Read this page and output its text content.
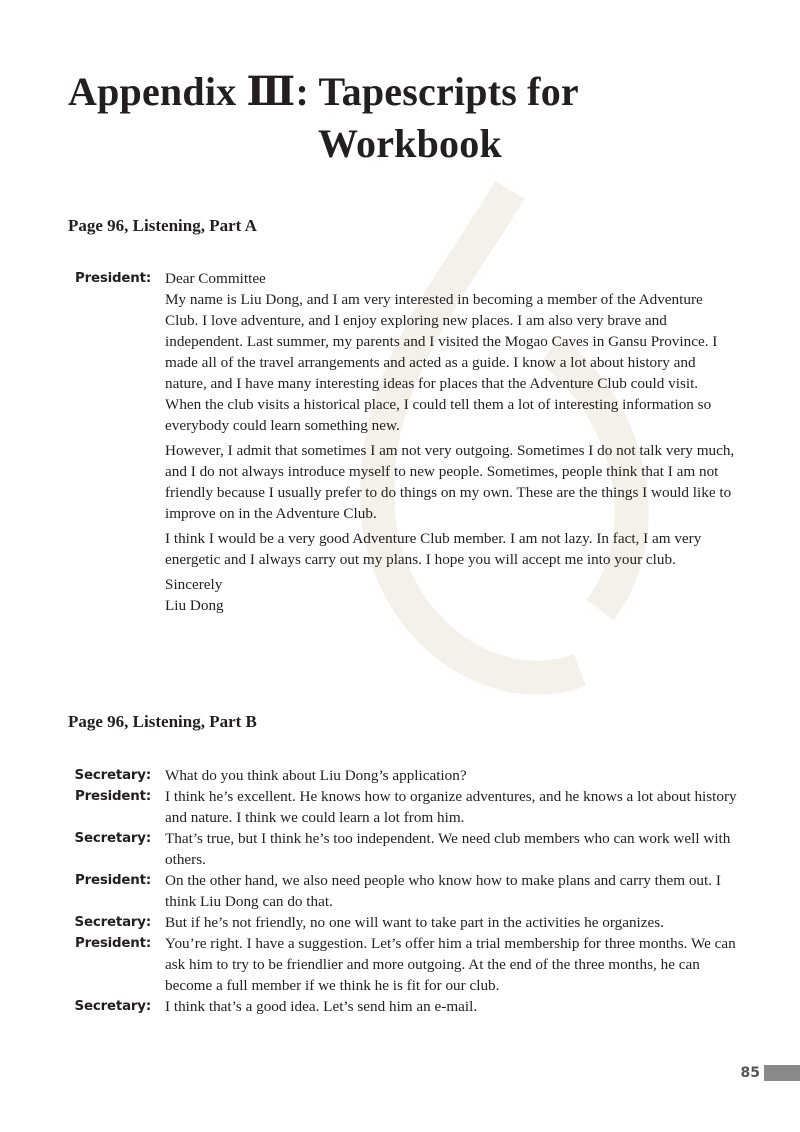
Appendix Ⅲ: Tapescripts for
Workbook
Page 96, Listening, Part A
President: Dear Committee

My name is Liu Dong, and I am very interested in becoming a member of the Adventure Club. I love adventure, and I enjoy exploring new places. I am also very brave and independent. Last summer, my parents and I visited the Mogao Caves in Gansu Province. I made all of the travel arrangements and acted as a guide. I know a lot about history and nature, and I have many interesting ideas for places that the Adventure Club could visit. When the club visits a historical place, I could tell them a lot of interesting information so everybody could learn something new.

However, I admit that sometimes I am not very outgoing. Sometimes I do not talk very much, and I do not always introduce myself to new people. Sometimes, people think that I am not friendly because I usually prefer to do things on my own. These are the things I would like to improve on in the Adventure Club.

I think I would be a very good Adventure Club member. I am not lazy. In fact, I am very energetic and I always carry out my plans. I hope you will accept me into your club.

Sincerely

Liu Dong

Page 96, Listening, Part B
Secretary: What do you think about Liu Dong’s application?
President: I think he’s excellent. He knows how to organize adventures, and he knows a lot about history and nature. I think we could learn a lot from him.
Secretary: That’s true, but I think he’s too independent. We need club members who can work well with others.
President: On the other hand, we also need people who know how to make plans and carry them out. I think Liu Dong can do that.
Secretary: But if he’s not friendly, no one will want to take part in the activities he organizes.
President: You’re right. I have a suggestion. Let’s offer him a trial membership for three months. We can ask him to try to be friendlier and more outgoing. At the end of the three months, he can become a full member if we think he is fit for our club.
Secretary: I think that’s a good idea. Let’s send him an e-mail.
85
